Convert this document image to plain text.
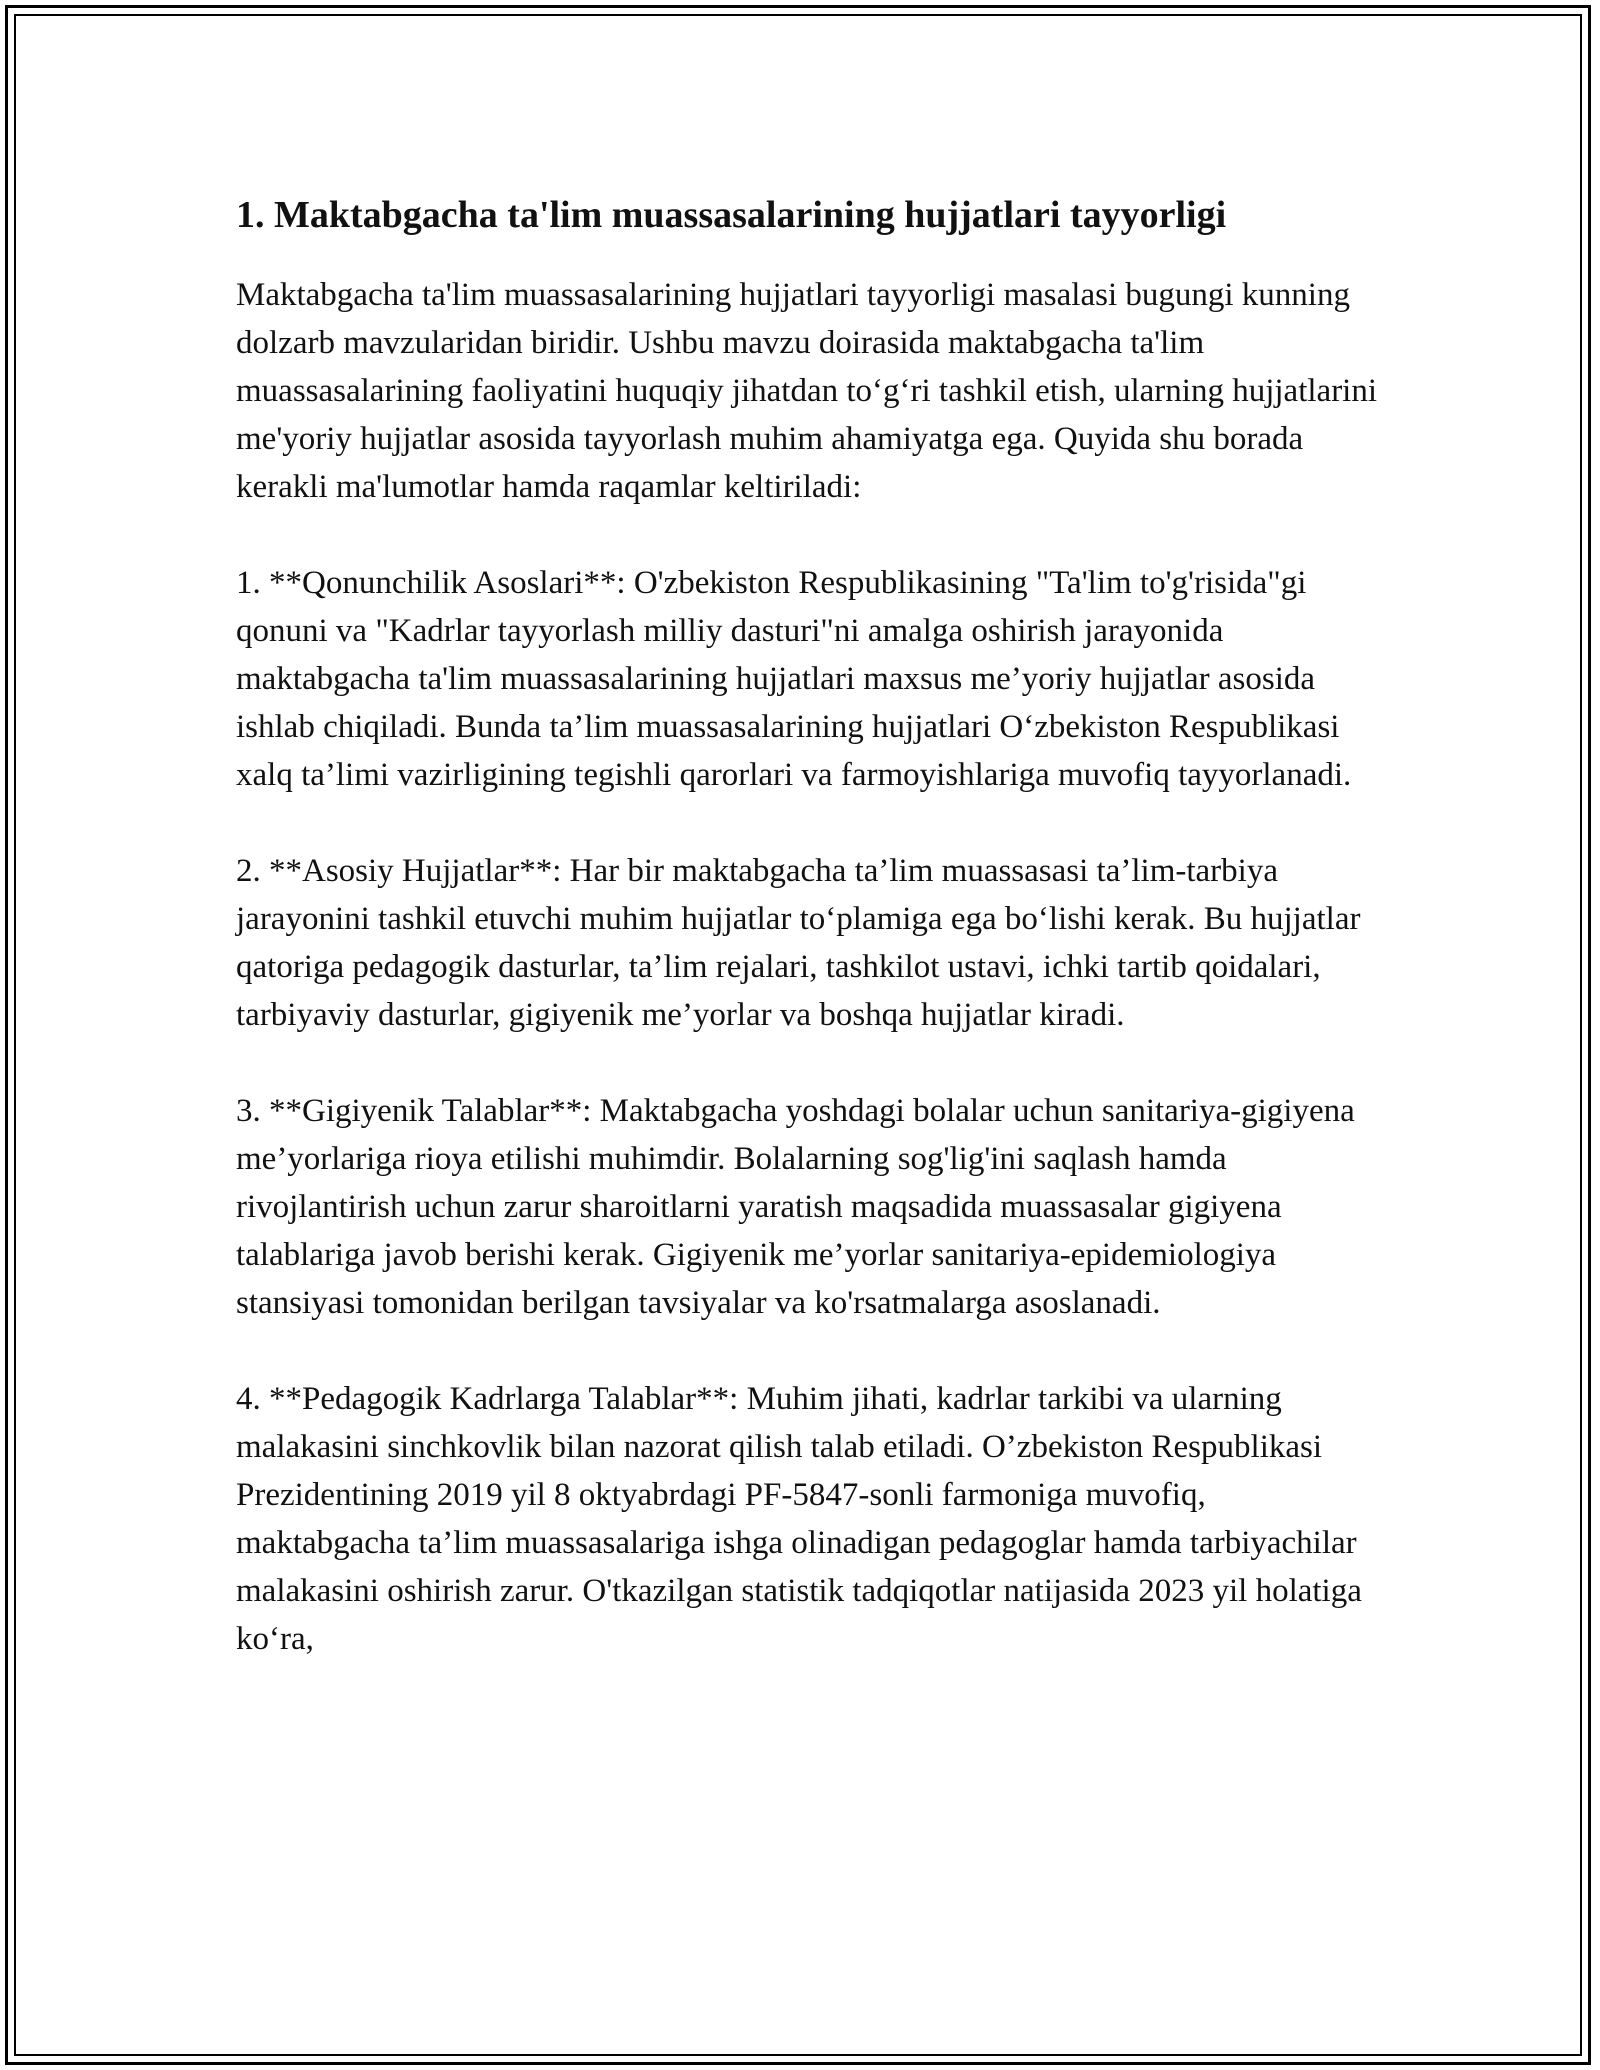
1. Maktabgacha ta'lim muassasalarining hujjatlari tayyorligi

Maktabgacha ta'lim muassasalarining hujjatlari tayyorligi masalasi bugungi kunning dolzarb mavzularidan biridir. Ushbu mavzu doirasida maktabgacha ta'lim muassasalarining faoliyatini huquqiy jihatdan to‘g‘ri tashkil etish, ularning hujjatlarini me'yoriy hujjatlar asosida tayyorlash muhim ahamiyatga ega. Quyida shu borada kerakli ma'lumotlar hamda raqamlar keltiriladi:

1. **Qonunchilik Asoslari**: O'zbekiston Respublikasining "Ta'lim to'g'risida"gi qonuni va "Kadrlar tayyorlash milliy dasturi"ni amalga oshirish jarayonida maktabgacha ta'lim muassasalarining hujjatlari maxsus me’yoriy hujjatlar asosida ishlab chiqiladi. Bunda ta’lim muassasalarining hujjatlari O‘zbekiston Respublikasi xalq ta’limi vazirligining tegishli qarorlari va farmoyishlariga muvofiq tayyorlanadi.

2. **Asosiy Hujjatlar**: Har bir maktabgacha ta’lim muassasasi ta’lim-tarbiya jarayonini tashkil etuvchi muhim hujjatlar to‘plamiga ega bo‘lishi kerak. Bu hujjatlar qatoriga pedagogik dasturlar, ta’lim rejalari, tashkilot ustavi, ichki tartib qoidalari, tarbiyaviy dasturlar, gigiyenik me’yorlar va boshqa hujjatlar kiradi.

3. **Gigiyenik Talablar**: Maktabgacha yoshdagi bolalar uchun sanitariya-gigiyena me’yorlariga rioya etilishi muhimdir. Bolalarning sog'lig'ini saqlash hamda rivojlantirish uchun zarur sharoitlarni yaratish maqsadida muassasalar gigiyena talablariga javob berishi kerak. Gigiyenik me’yorlar sanitariya-epidemiologiya stansiyasi tomonidan berilgan tavsiyalar va ko'rsatmalarga asoslanadi.

4. **Pedagogik Kadrlarga Talablar**: Muhim jihati, kadrlar tarkibi va ularning malakasini sinchkovlik bilan nazorat qilish talab etiladi. O’zbekiston Respublikasi Prezidentining 2019 yil 8 oktyabrdagi PF-5847-sonli farmoniga muvofiq, maktabgacha ta’lim muassasalariga ishga olinadigan pedagoglar hamda tarbiyachilar malakasini oshirish zarur. O'tkazilgan statistik tadqiqotlar natijasida 2023 yil holatiga ko‘ra,
